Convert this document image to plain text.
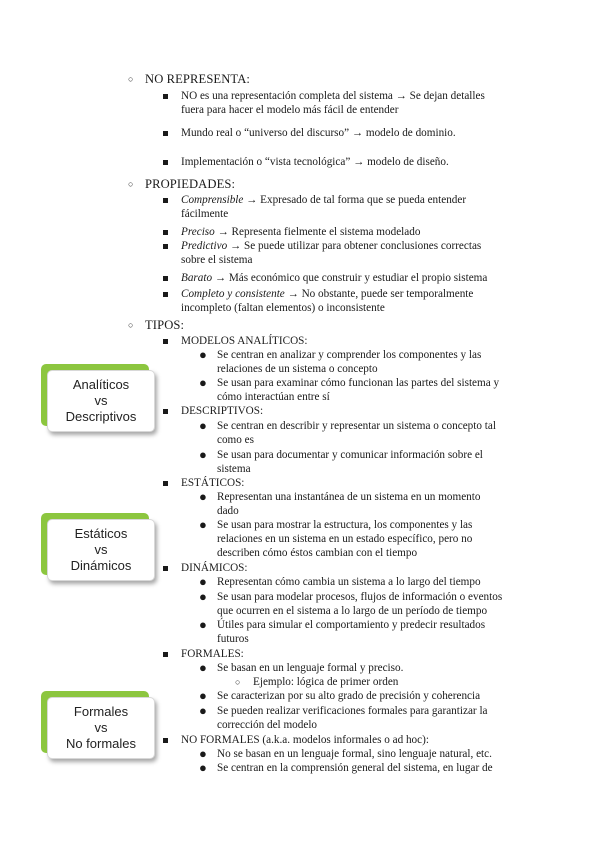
○ NO REPRESENTA:
NO es una representación completa del sistema → Se dejan detalles
fuera para hacer el modelo más fácil de entender
Mundo real o “universo del discurso” → modelo de dominio.
Implementación o “vista tecnológica” → modelo de diseño.
○ PROPIEDADES:
Comprensible → Expresado de tal forma que se pueda entender
fácilmente
Preciso → Representa fielmente el sistema modelado
Predictivo → Se puede utilizar para obtener conclusiones correctas
sobre el sistema
Barato → Más económico que construir y estudiar el propio sistema
Completo y consistente → No obstante, puede ser temporalmente
incompleto (faltan elementos) o inconsistente
○ TIPOS:
MODELOS ANALÍTICOS:
● Se centran en analizar y comprender los componentes y las
relaciones de un sistema o concepto
● Se usan para examinar cómo funcionan las partes del sistema y
cómo interactúan entre sí
DESCRIPTIVOS:
● Se centran en describir y representar un sistema o concepto tal
como es
● Se usan para documentar y comunicar información sobre el
sistema
ESTÁTICOS:
● Representan una instantánea de un sistema en un momento
dado
● Se usan para mostrar la estructura, los componentes y las
relaciones en un sistema en un estado específico, pero no
describen cómo éstos cambian con el tiempo
DINÁMICOS:
● Representan cómo cambia un sistema a lo largo del tiempo
● Se usan para modelar procesos, flujos de información o eventos
que ocurren en el sistema a lo largo de un período de tiempo
● Útiles para simular el comportamiento y predecir resultados
futuros
FORMALES:
● Se basan en un lenguaje formal y preciso.
○ Ejemplo: lógica de primer orden
● Se caracterizan por su alto grado de precisión y coherencia
● Se pueden realizar verificaciones formales para garantizar la
corrección del modelo
NO FORMALES (a.k.a. modelos informales o ad hoc):
● No se basan en un lenguaje formal, sino lenguaje natural, etc.
● Se centran en la comprensión general del sistema, en lugar de
Analíticos
vs
Descriptivos
Estáticos
vs
Dinámicos
Formales
vs
No formales
